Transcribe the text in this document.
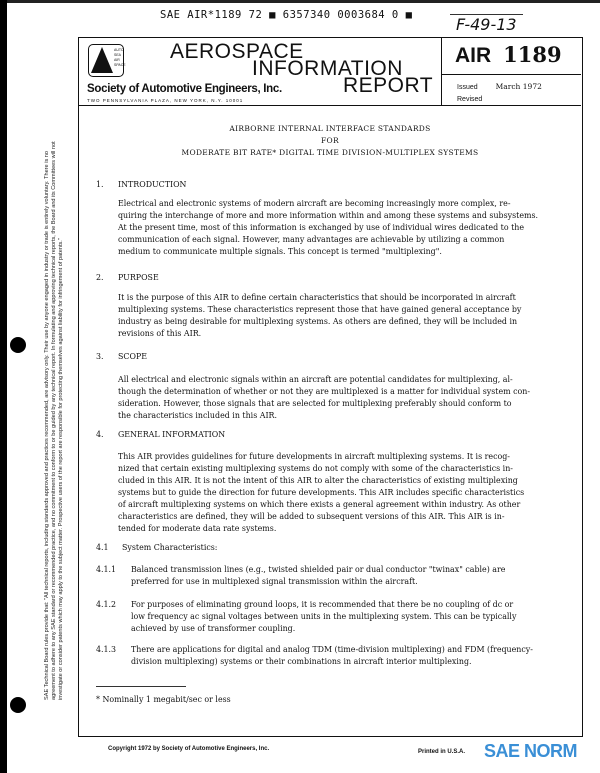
SAE Technical Board rules provide that: "All technical reports, including standards approved and practices recommended, are advisory only. Their use by anyone engaged in industry or trade is entirely voluntary. There is no agreement to adhere to any SAE standard or recommended practice, and no commitment to conform to or be guided by any technical report. In formulating and approving technical reports, the Board and its Committees will not investigate or consider patents which may apply to the subject matter. Prospective users of the report are responsible for protecting themselves against liability for infringement of patents."
SAE AIR*1189 72 ■ 6357340 0003684 0 ■	F-49-13
AUTO
SEA
AIR
SPACE
AEROSPACE
INFORMATION
REPORT
Society of Automotive Engineers, Inc.
TWO PENNSYLVANIA PLAZA, NEW YORK, N.Y. 10001
AIR 1189
Issued March 1972
Revised
AIRBORNE INTERNAL INTERFACE STANDARDS
FOR
MODERATE BIT RATE* DIGITAL TIME DIVISION-MULTIPLEX SYSTEMS
1. INTRODUCTION
Electrical and electronic systems of modern aircraft are becoming increasingly more complex, re-
quiring the interchange of more and more information within and among these systems and subsystems.
At the present time, most of this information is exchanged by use of individual wires dedicated to the
communication of each signal. However, many advantages are achievable by utilizing a common
medium to communicate multiple signals. This concept is termed "multiplexing".
2. PURPOSE
It is the purpose of this AIR to define certain characteristics that should be incorporated in aircraft
multiplexing systems. These characteristics represent those that have gained general acceptance by
industry as being desirable for multiplexing systems. As others are defined, they will be included in
revisions of this AIR.
3. SCOPE
All electrical and electronic signals within an aircraft are potential candidates for multiplexing, al-
though the determination of whether or not they are multiplexed is a matter for individual system con-
sideration. However, those signals that are selected for multiplexing preferably should conform to
the characteristics included in this AIR.
4. GENERAL INFORMATION
This AIR provides guidelines for future developments in aircraft multiplexing systems. It is recog-
nized that certain existing multiplexing systems do not comply with some of the characteristics in-
cluded in this AIR. It is not the intent of this AIR to alter the characteristics of existing multiplexing
systems but to guide the direction for future developments. This AIR includes specific characteristics
of aircraft multiplexing systems on which there exists a general agreement within industry. As other
characteristics are defined, they will be added to subsequent versions of this AIR. This AIR is in-
tended for moderate data rate systems.
4.1 System Characteristics:
4.1.1 Balanced transmission lines (e.g., twisted shielded pair or dual conductor "twinax" cable) are
preferred for use in multiplexed signal transmission within the aircraft.
4.1.2 For purposes of eliminating ground loops, it is recommended that there be no coupling of dc or
low frequency ac signal voltages between units in the multiplexing system. This can be typically
achieved by use of transformer coupling.
4.1.3 There are applications for digital and analog TDM (time-division multiplexing) and FDM (frequency-
division multiplexing) systems or their combinations in aircraft interior multiplexing.
* Nominally 1 megabit/sec or less
Copyright 1972 by Society of Automotive Engineers, Inc.	Printed in U.S.A. SAE NORM
